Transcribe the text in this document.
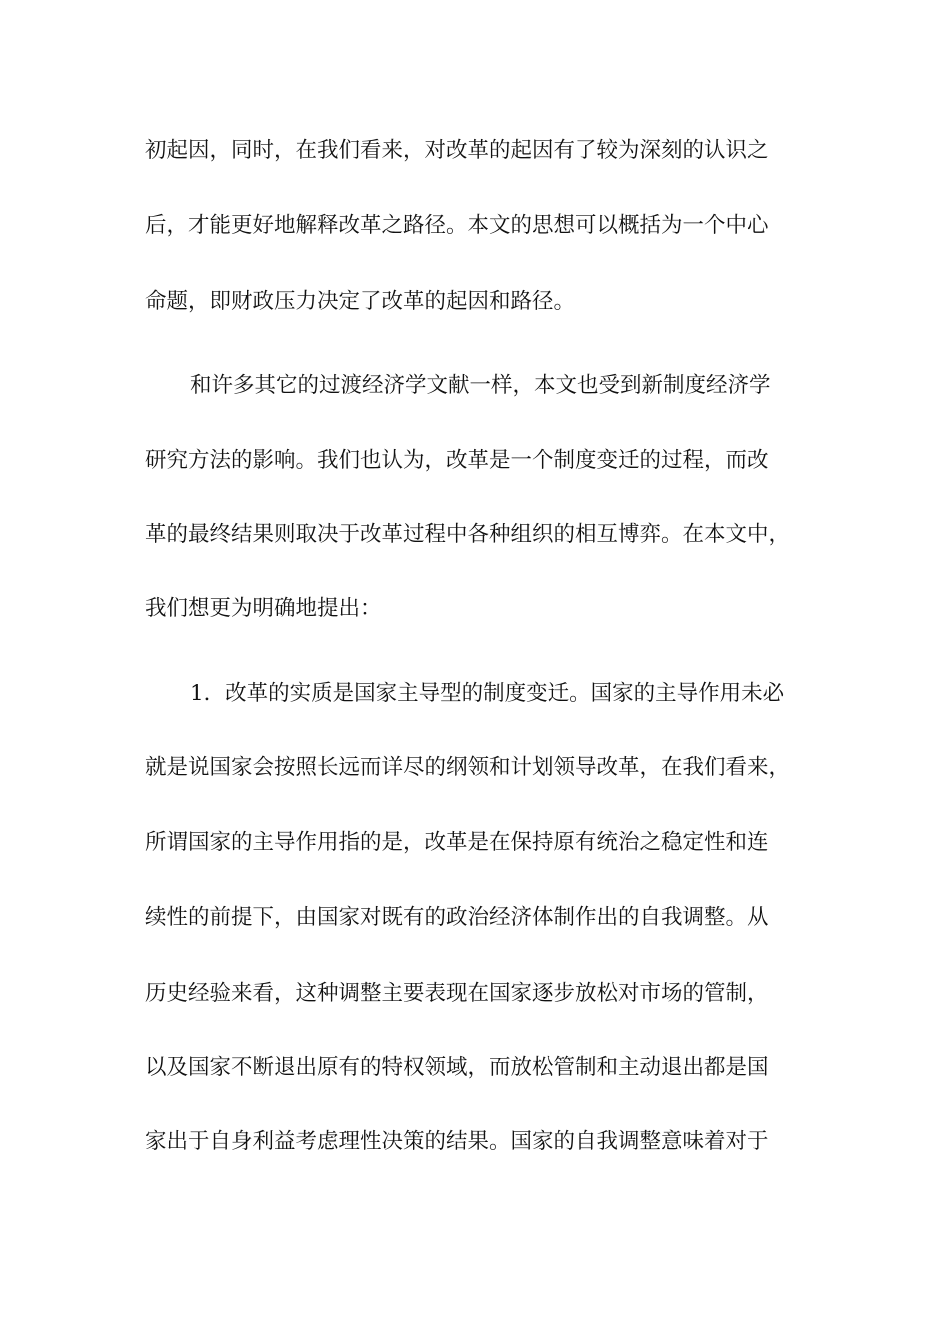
初起因，同时，在我们看来，对改革的起因有了较为深刻的认识之
后，才能更好地解释改革之路径。本文的思想可以概括为一个中心
命题，即财政压力决定了改革的起因和路径。
和许多其它的过渡经济学文献一样，本文也受到新制度经济学
研究方法的影响。我们也认为，改革是一个制度变迁的过程，而改
革的最终结果则取决于改革过程中各种组织的相互博弈。在本文中，
我们想更为明确地提出：
1．改革的实质是国家主导型的制度变迁。国家的主导作用未必
就是说国家会按照长远而详尽的纲领和计划领导改革，在我们看来，
所谓国家的主导作用指的是，改革是在保持原有统治之稳定性和连
续性的前提下，由国家对既有的政治经济体制作出的自我调整。从
历史经验来看，这种调整主要表现在国家逐步放松对市场的管制，
以及国家不断退出原有的特权领域，而放松管制和主动退出都是国
家出于自身利益考虑理性决策的结果。国家的自我调整意味着对于
